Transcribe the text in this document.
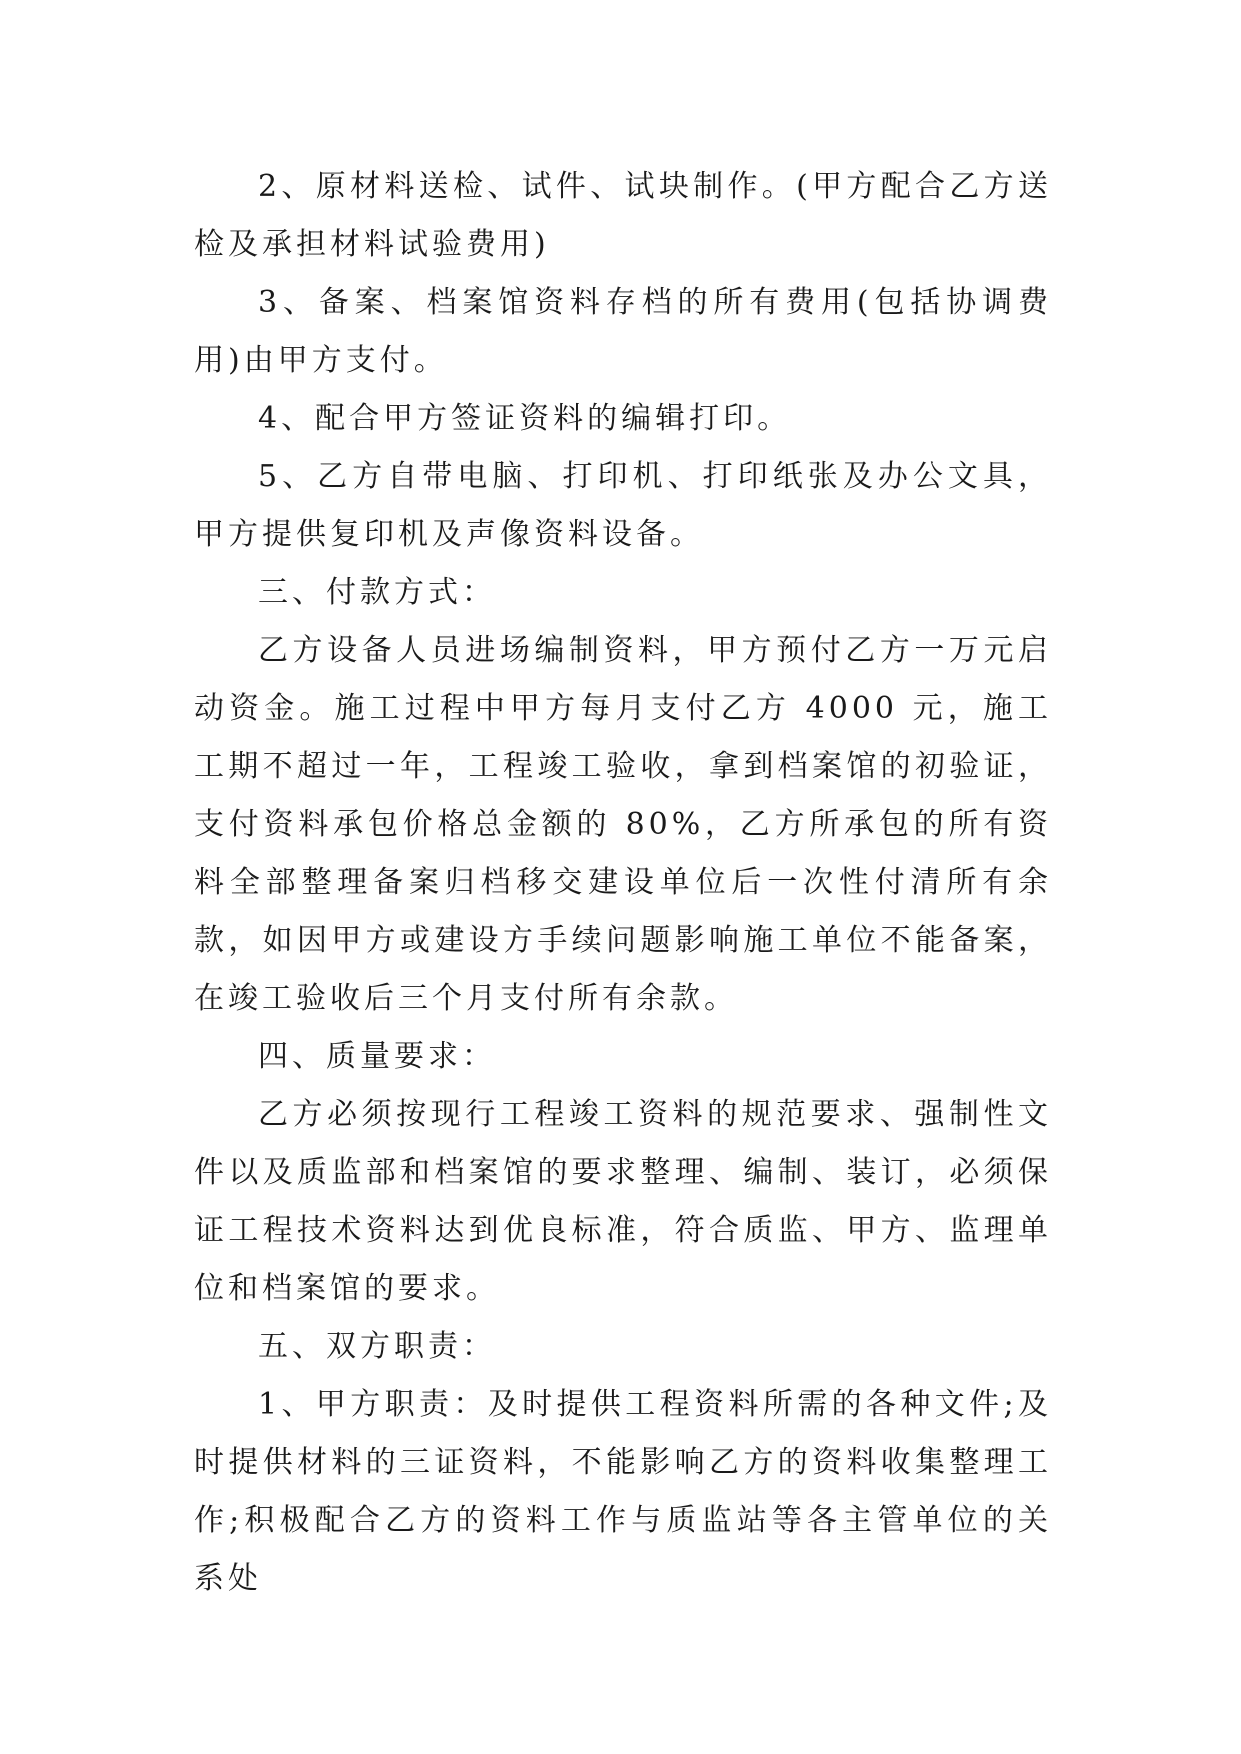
2、原材料送检、试件、试块制作。(甲方配合乙方送检及承担材料试验费用)

3、备案、档案馆资料存档的所有费用(包括协调费用)由甲方支付。

4、配合甲方签证资料的编辑打印。

5、乙方自带电脑、打印机、打印纸张及办公文具，甲方提供复印机及声像资料设备。

三、付款方式：

乙方设备人员进场编制资料，甲方预付乙方一万元启动资金。施工过程中甲方每月支付乙方 4000 元，施工工期不超过一年，工程竣工验收，拿到档案馆的初验证，支付资料承包价格总金额的 80%，乙方所承包的所有资料全部整理备案归档移交建设单位后一次性付清所有余款，如因甲方或建设方手续问题影响施工单位不能备案，在竣工验收后三个月支付所有余款。

四、质量要求：

乙方必须按现行工程竣工资料的规范要求、强制性文件以及质监部和档案馆的要求整理、编制、装订，必须保证工程技术资料达到优良标准，符合质监、甲方、监理单位和档案馆的要求。

五、双方职责：

1、甲方职责：及时提供工程资料所需的各种文件;及时提供材料的三证资料，不能影响乙方的资料收集整理工作;积极配合乙方的资料工作与质监站等各主管单位的关系处
